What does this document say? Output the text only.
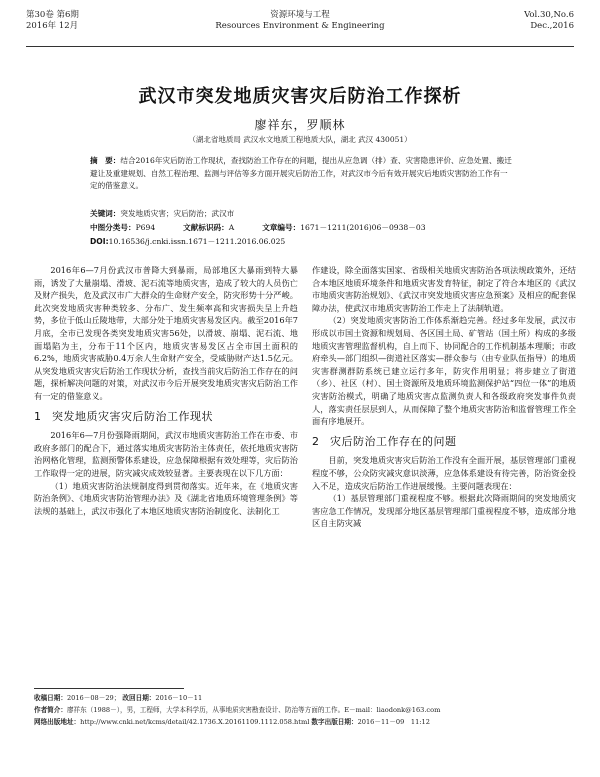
第30卷 第6期
2016年 12月
资源环境与工程
Resources Environment & Engineering
Vol.30,No.6
Dec.,2016
武汉市突发地质灾害灾后防治工作探析
廖祥东，罗顺林
（湖北省地质局 武汉水文地质工程地质大队，湖北 武汉 430051）
摘　要：结合2016年灾后防治工作现状，查找防治工作存在的问题，提出从应急调（排）查、灾害隐患评价、应急处置、搬迁避让及重建规划、自然工程治理、监测与评估等多方面开展灾后防治工作，对武汉市今后有效开展灾后地质灾害防治工作有一定的借鉴意义。
关键词：突发地质灾害；灾后防治；武汉市
中图分类号：P694	文献标识码：A	文章编号：1671－1211(2016)06－0938－03
DOI:10.16536/j.cnki.issn.1671－1211.2016.06.025

2016年6—7月份武汉市普降大到暴雨，局部地区大暴雨到特大暴雨，诱发了大量崩塌、滑坡、泥石流等地质灾害，造成了较大的人员伤亡及财产损失，危及武汉市广大群众的生命财产安全，防灾形势十分严峻。此次突发地质灾害种类较多、分布广、发生频率高和灾害损失呈上升趋势，多位于低山丘陵地带，大部分处于地质灾害易发区内。截至2016年7月底，全市已发现各类突发地质灾害56处，以滑坡、崩塌、泥石流、地面塌陷为主，分布于11个区内，地质灾害易发区占全市国土面积的6.2%，地质灾害威胁0.4万余人生命财产安全，受威胁财产达1.5亿元。从突发地质灾害灾后防治工作现状分析，查找当前灾后防治工作存在的问题，探析解决问题的对策，对武汉市今后开展突发地质灾害灾后防治工作有一定的借鉴意义。

1 突发地质灾害灾后防治工作现状

2016年6—7月份强降雨期间，武汉市地质灾害防治工作在市委、市政府多部门的配合下，通过落实地质灾害防治主体责任，依托地质灾害防治网格化管理，监测预警体系建设，应急保障根据有效处理等，灾后防治工作取得一定的进展，防灾减灾成效较显著。主要表现在以下几方面：

（1）地质灾害防治法规制度得到贯彻落实。近年来，在《地质灾害防治条例》、《地质灾害防治管理办法》及《湖北省地质环境管理条例》等法规的基础上，武汉市强化了本地区地质灾害防治制度化、法制化工

作建设，除全面落实国家、省级相关地质灾害防治各项法规政策外，还结合本地区地质环境条件和地质灾害发育特征，制定了符合本地区的《武汉市地质灾害防治规划》、《武汉市突发地质灾害应急预案》及相应的配套保障办法，使武汉市地质灾害防治工作走上了法制轨道。

（2）突发地质灾害防治工作体系渐趋完善。经过多年发展，武汉市形成以市国土资源和规划局、各区国土局、矿管站（国土所）构成的多级地质灾害管理监督机构，自上而下、协同配合的工作机制基本理顺；市政府牵头—部门组织—街道社区落实—群众参与（由专业队伍指导）的地质灾害群测群防系统已建立运行多年，防灾作用明显；将步建立了街道（乡）、社区（村）、国土资源所及地质环境监测保护站“四位一体”的地质灾害防治模式，明确了地质灾害点监测负责人和各级政府突发事件负责人，落实责任层层到人，从而保障了整个地质灾害防治和监督管理工作全面有序地展开。

2 灾后防治工作存在的问题

目前，突发地质灾害灾后防治工作没有全面开展，基层管理部门重视程度不够，公众防灾减灾意识淡薄，应急体系建设有待完善，防治资金投入不足，造成灾后防治工作进展缓慢。主要问题表现在：

（1）基层管理部门重视程度不够。根据此次降雨期间的突发地质灾害应急工作情况，发现部分地区基层管理部门重视程度不够，造成部分地区自主防灾减

收稿日期：2016－08－29； 改回日期：2016－10－11
作者简介：廖祥东（1988－），男，工程师，大学本科学历，从事地质灾害勘查设计、防治等方面的工作。E－mail：liaodonk@163.com
网络出版地址：http://www.cnki.net/kcms/detail/42.1736.X.20161109.1112.058.html 数字出版日期：2016－11－09　11:12
